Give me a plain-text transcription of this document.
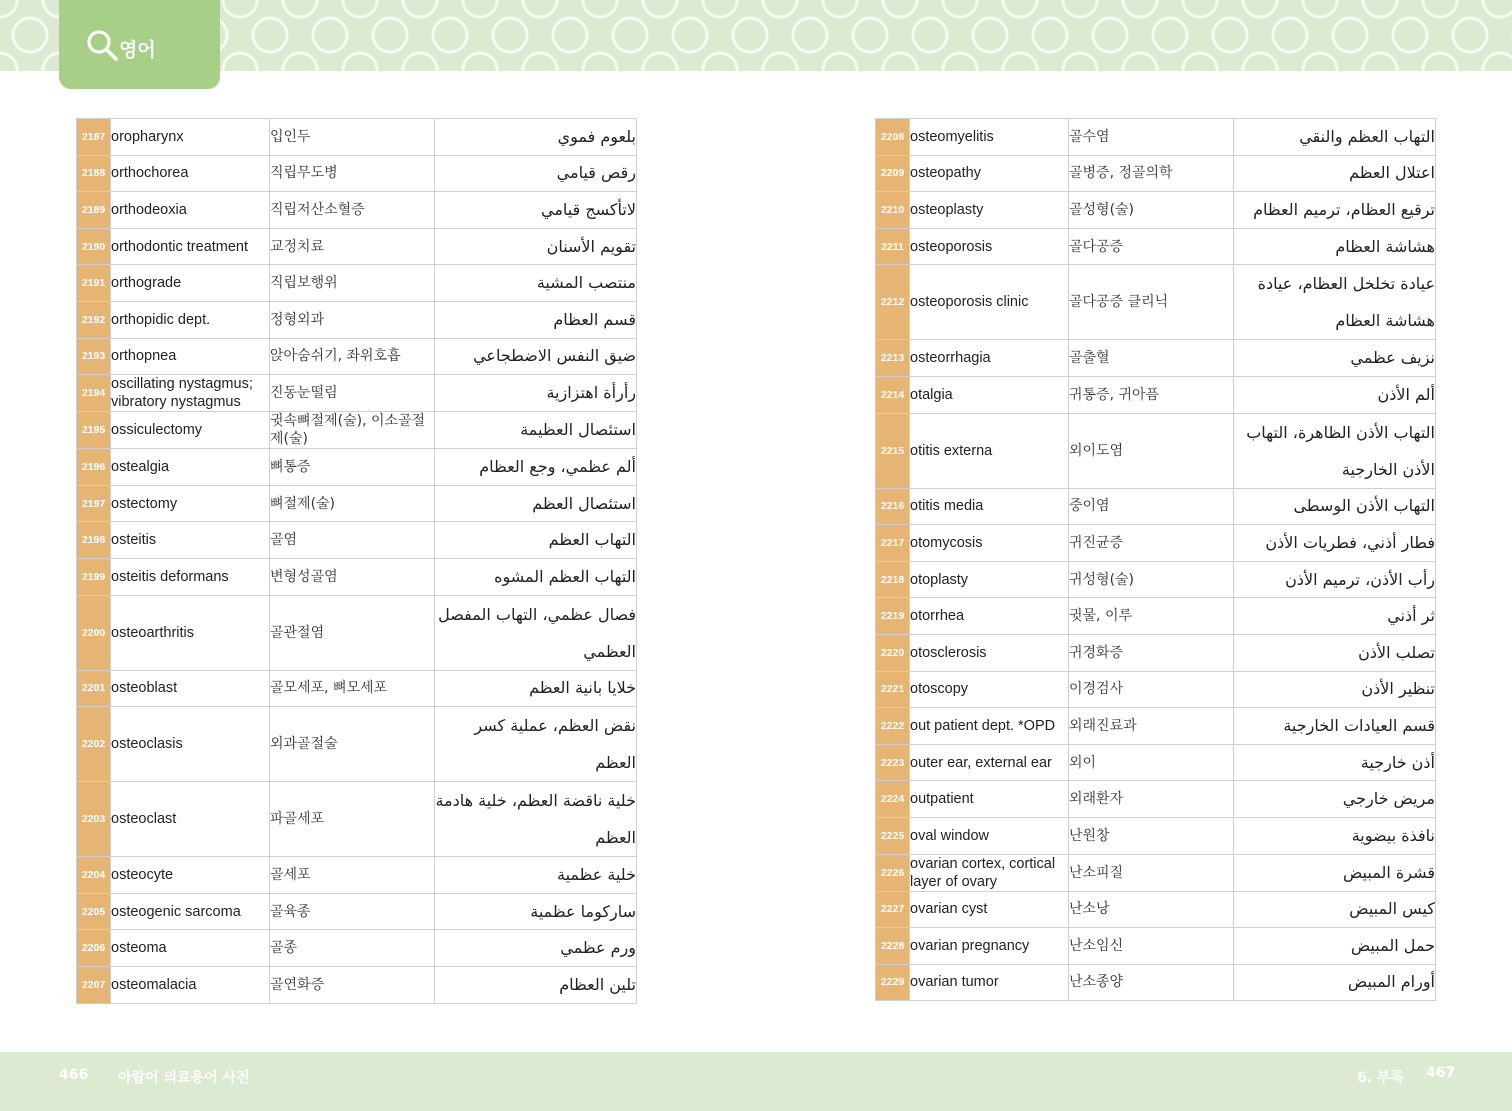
영어
2187	oropharynx	입인두	بلعوم فموي
2188	orthochorea	직립무도병	رقص قيامي
2189	orthodeoxia	직립저산소혈증	لاتأكسج قيامي
2190	orthodontic treatment	교정치료	تقويم الأسنان
2191	orthograde	직립보행위	منتصب المشية
2192	orthopidic dept.	정형외과	قسم العظام
2193	orthopnea	앉아숨쉬기, 좌위호흡	ضيق النفس الاضطجاعي
2194	oscillating nystagmus; vibratory nystagmus	진동눈떨림	رأرأة اهتزازية
2195	ossiculectomy	귓속뼈절제(술), 이소골절제(술)	استئصال العظيمة
2196	ostealgia	뼈통증	ألم عظمي، وجع العظام
2197	ostectomy	뼈절제(술)	استئصال العظم
2198	osteitis	골염	التهاب العظم
2199	osteitis deformans	변형성골염	التهاب العظم المشوه
2200	osteoarthritis	골관절염	فصال عظمي، التهاب المفصل العظمي
2201	osteoblast	골모세포, 뼈모세포	خلايا بانية العظم
2202	osteoclasis	외과골절술	نقض العظم، عملية كسر العظم
2203	osteoclast	파골세포	خلية ناقضة العظم، خلية هادمة العظم
2204	osteocyte	골세포	خلية عظمية
2205	osteogenic sarcoma	골육종	ساركوما عظمية
2206	osteoma	골종	ورم عظمي
2207	osteomalacia	골연화증	تلين العظام
2208	osteomyelitis	골수염	التهاب العظم والنقي
2209	osteopathy	골병증, 정골의학	اعتلال العظم
2210	osteoplasty	골성형(술)	ترقيع العظام، ترميم العظام
2211	osteoporosis	골다공증	هشاشة العظام
2212	osteoporosis clinic	골다공증 클리닉	عيادة تخلخل العظام، عيادة هشاشة العظام
2213	osteorrhagia	골출혈	نزيف عظمي
2214	otalgia	귀통증, 귀아픔	ألم الأذن
2215	otitis externa	외이도염	التهاب الأذن الظاهرة، التهاب الأذن الخارجية
2216	otitis media	중이염	التهاب الأذن الوسطى
2217	otomycosis	귀진균증	فطار أذني، فطريات الأذن
2218	otoplasty	귀성형(술)	رأب الأذن، ترميم الأذن
2219	otorrhea	귓물, 이루	ثر أذني
2220	otosclerosis	귀경화증	تصلب الأذن
2221	otoscopy	이경검사	تنظير الأذن
2222	out patient dept. *OPD	외래진료과	قسم العيادات الخارجية
2223	outer ear, external ear	외이	أذن خارجية
2224	outpatient	외래환자	مريض خارجي
2225	oval window	난원창	نافذة بيضوية
2226	ovarian cortex, cortical layer of ovary	난소피질	قشرة المبيض
2227	ovarian cyst	난소낭	كيس المبيض
2228	ovarian pregnancy	난소임신	حمل المبيض
2229	ovarian tumor	난소종양	أورام المبيض
466 아랍어 의료용어 사전	6. 부록 467
